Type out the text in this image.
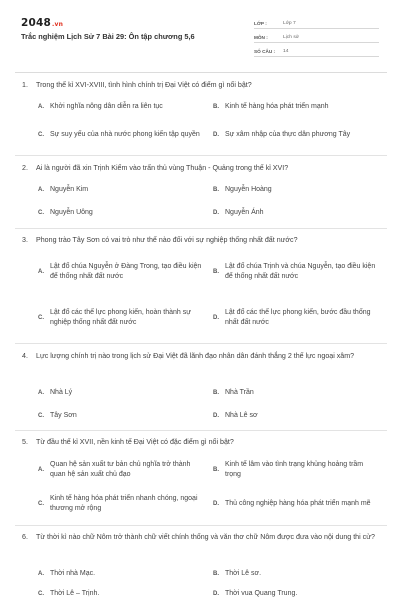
2048.vn
Trắc nghiệm Lịch Sử 7 Bài 29: Ôn tập chương 5,6
LỚP :	Lớp 7
MÔN :	Lịch sử
SỐ CÂU :	14
1. Trong thế kỉ XVI-XVIII, tình hình chính trị Đại Việt có điểm gì nổi bật?
A. Khởi nghĩa nông dân diễn ra liên tục	B. Kinh tế hàng hóa phát triển mạnh
C. Sự suy yếu của nhà nước phong kiến tập quyền	D. Sự xâm nhập của thực dân phương Tây
2. Ai là người đã xin Trịnh Kiểm vào trấn thủ vùng Thuận - Quảng trong thế kỉ XVI?
A. Nguyễn Kim	B. Nguyễn Hoàng
C. Nguyễn Uông	D. Nguyễn Ánh
3. Phong trào Tây Sơn có vai trò như thế nào đối với sự nghiệp thống nhất đất nước?
A.
Lật đổ chúa Nguyễn ở Đàng Trong, tạo điều kiện để thống nhất đất nước
B.
Lật đổ chúa Trịnh và chúa Nguyễn, tạo điều kiện để thống nhất đất nước
C.
Lật đổ các thế lực phong kiến, hoàn thành sự nghiệp thống nhất đất nước
D.
Lật đổ các thế lực phong kiến, bước đầu thống nhất đất nước
4. Lực lượng chính trị nào trong lịch sử Đại Việt đã lãnh đạo nhân dân đánh thắng 2 thế lực ngoại xâm?
A. Nhà Lý	B. Nhà Trần
C. Tây Sơn	D. Nhà Lê sơ
5. Từ đầu thế kỉ XVII, nền kinh tế Đại Việt có đặc điểm gì nổi bật?
A.
Quan hệ sản xuất tư bản chủ nghĩa trở thành quan hệ sản xuất chủ đạo
B.
Kinh tế lâm vào tình trạng khủng hoảng trầm trọng
C.
Kinh tế hàng hóa phát triển nhanh chóng, ngoại thương mở rộng
D. Thủ công nghiệp hàng hóa phát triển mạnh mẽ
6. Từ thời kì nào chữ Nôm trở thành chữ viết chính thống và văn thơ chữ Nôm được đưa vào nội dung thi cử?
A. Thời nhà Mạc.	B. Thời Lê sơ.
C. Thời Lê – Trịnh.	D. Thời vua Quang Trung.
